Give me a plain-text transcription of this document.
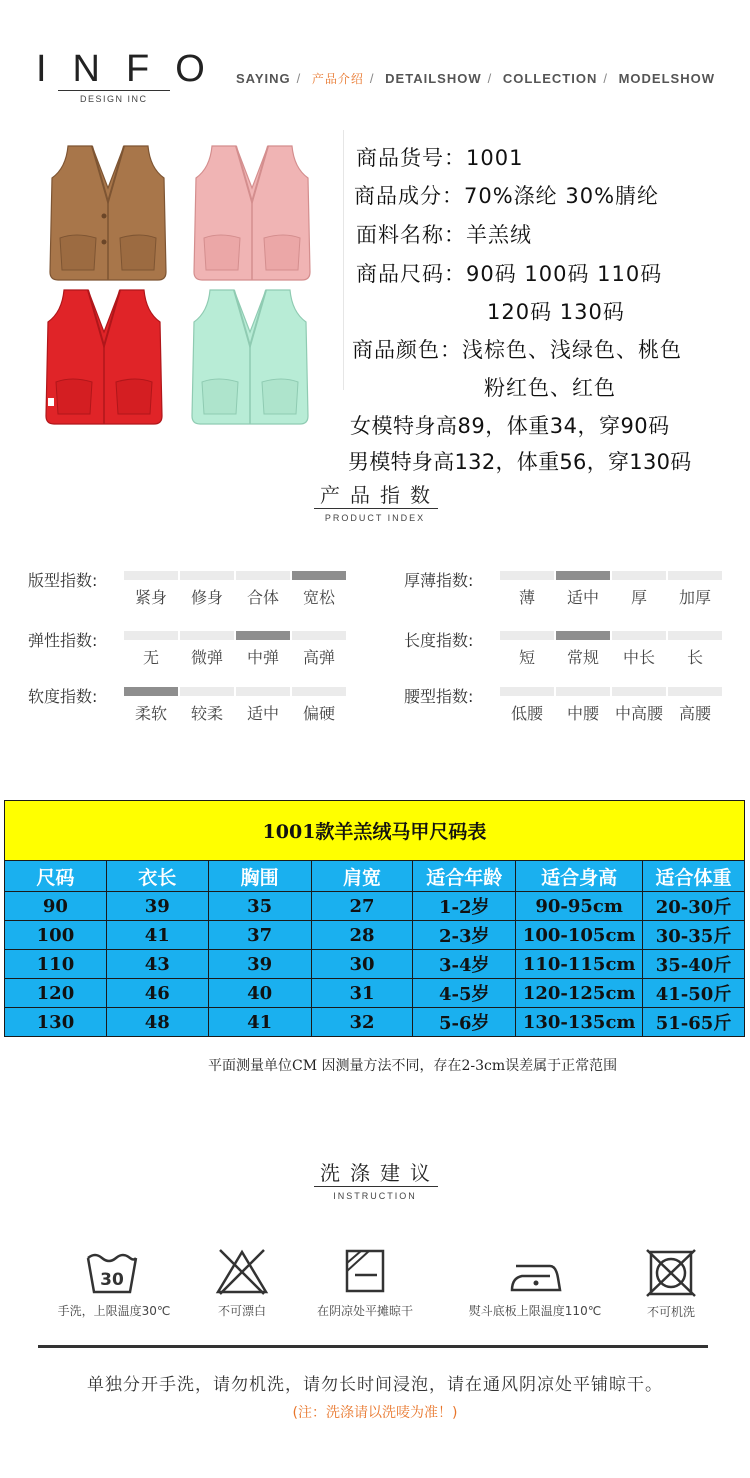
INFO
DESIGN INC
SAYING / 产品介绍 / DETAILSHOW / COLLECTION / MODELSHOW
商品货号：1001
商品成分：70%涤纶 30%腈纶
面料名称：羊羔绒
商品尺码：90码 100码 110码
120码 130码
商品颜色：浅棕色、浅绿色、桃色
粉红色、红色
女模特身高89，体重34，穿90码
男模特身高132，体重56，穿130码
产品指数
PRODUCT INDEX
版型指数:
紧身	修身	合体	宽松
厚薄指数:
薄	适中	厚	加厚
弹性指数:
无	微弹	中弹	高弹
长度指数:
短	常规	中长	长
软度指数:
柔软	较柔	适中	偏硬
腰型指数:
低腰	中腰 中高腰 高腰
1001款羊羔绒马甲尺码表						
尺码	衣长	胸围	肩宽	适合年龄	适合身高	适合体重
90	39	35	27	1-2岁	90-95cm	20-30斤
100	41	37	28	2-3岁	100-105cm	30-35斤
110	43	39	30	3-4岁	110-115cm	35-40斤
120	46	40	31	4-5岁	120-125cm	41-50斤
130	48	41	32	5-6岁	130-135cm	51-65斤
平面测量单位CM 因测量方法不同，存在2-3cm误差属于正常范围
洗涤建议
INSTRUCTION
30
手洗，上限温度30℃	不可漂白	在阴凉处平摊晾干	熨斗底板上限温度110℃	不可机洗
单独分开手洗，请勿机洗，请勿长时间浸泡，请在通风阴凉处平铺晾干。
(注：洗涤请以洗唛为准！)
